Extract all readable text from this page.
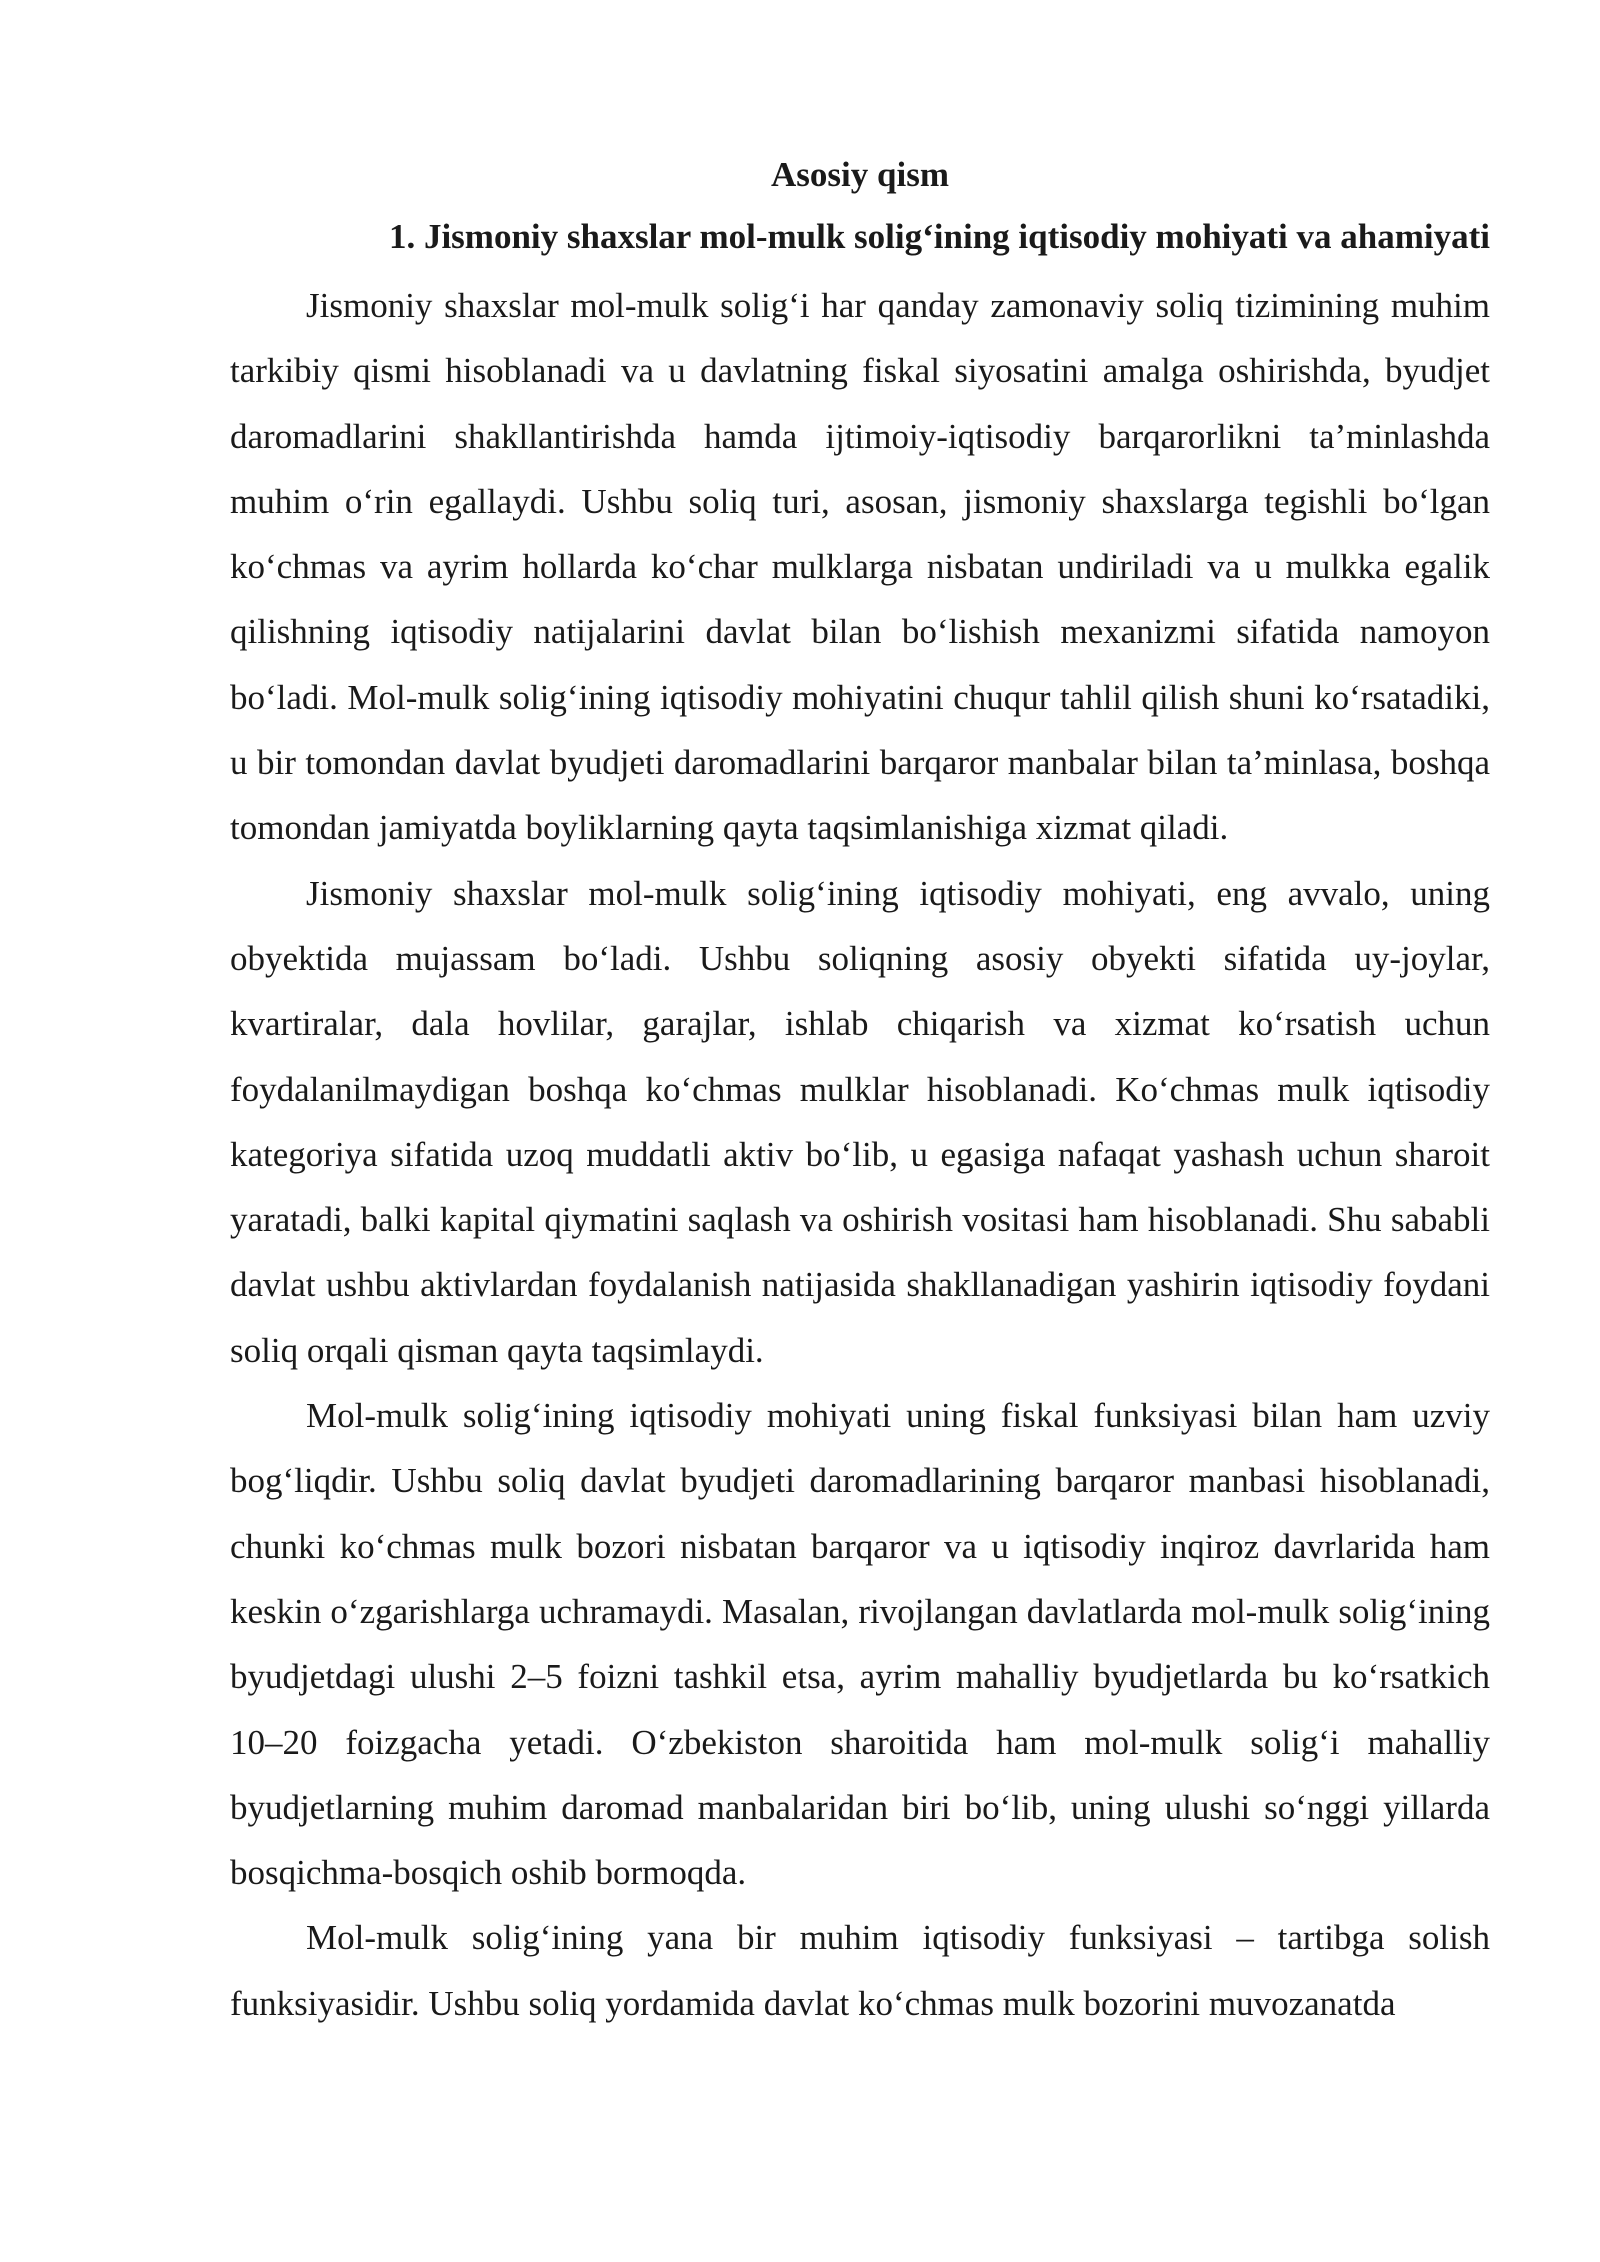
Asosiy qism
1. Jismoniy shaxslar mol-mulk solig‘ining iqtisodiy mohiyati va ahamiyati

Jismoniy shaxslar mol-mulk solig‘i har qanday zamonaviy soliq tizimining muhim tarkibiy qismi hisoblanadi va u davlatning fiskal siyosatini amalga oshirishda, byudjet daromadlarini shakllantirishda hamda ijtimoiy-iqtisodiy barqarorlikni ta’minlashda muhim o‘rin egallaydi. Ushbu soliq turi, asosan, jismoniy shaxslarga tegishli bo‘lgan ko‘chmas va ayrim hollarda ko‘char mulklarga nisbatan undiriladi va u mulkka egalik qilishning iqtisodiy natijalarini davlat bilan bo‘lishish mexanizmi sifatida namoyon bo‘ladi. Mol-mulk solig‘ining iqtisodiy mohiyatini chuqur tahlil qilish shuni ko‘rsatadiki, u bir tomondan davlat byudjeti daromadlarini barqaror manbalar bilan ta’minlasa, boshqa tomondan jamiyatda boyliklarning qayta taqsimlanishiga xizmat qiladi.

Jismoniy shaxslar mol-mulk solig‘ining iqtisodiy mohiyati, eng avvalo, uning obyektida mujassam bo‘ladi. Ushbu soliqning asosiy obyekti sifatida uy-joylar, kvartiralar, dala hovlilar, garajlar, ishlab chiqarish va xizmat ko‘rsatish uchun foydalanilmaydigan boshqa ko‘chmas mulklar hisoblanadi. Ko‘chmas mulk iqtisodiy kategoriya sifatida uzoq muddatli aktiv bo‘lib, u egasiga nafaqat yashash uchun sharoit yaratadi, balki kapital qiymatini saqlash va oshirish vositasi ham hisoblanadi. Shu sababli davlat ushbu aktivlardan foydalanish natijasida shakllanadigan yashirin iqtisodiy foydani soliq orqali qisman qayta taqsimlaydi.

Mol-mulk solig‘ining iqtisodiy mohiyati uning fiskal funksiyasi bilan ham uzviy bog‘liqdir. Ushbu soliq davlat byudjeti daromadlarining barqaror manbasi hisoblanadi, chunki ko‘chmas mulk bozori nisbatan barqaror va u iqtisodiy inqiroz davrlarida ham keskin o‘zgarishlarga uchramaydi. Masalan, rivojlangan davlatlarda mol-mulk solig‘ining byudjetdagi ulushi 2–5 foizni tashkil etsa, ayrim mahalliy byudjetlarda bu ko‘rsatkich 10–20 foizgacha yetadi. O‘zbekiston sharoitida ham mol-mulk solig‘i mahalliy byudjetlarning muhim daromad manbalaridan biri bo‘lib, uning ulushi so‘nggi yillarda bosqichma-bosqich oshib bormoqda.

Mol-mulk solig‘ining yana bir muhim iqtisodiy funksiyasi – tartibga solish funksiyasidir. Ushbu soliq yordamida davlat ko‘chmas mulk bozorini muvozanatda
